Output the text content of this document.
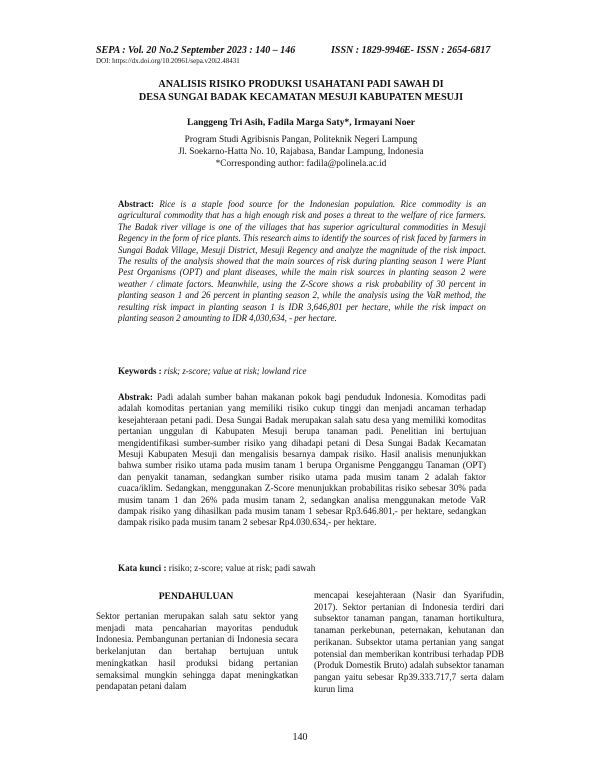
SEPA : Vol. 20 No.2 September 2023 : 140 – 146	ISSN : 1829-9946 E- ISSN : 2654-6817
DOI: https://dx.doi.org/10.20961/sepa.v20i2.48431
ANALISIS RISIKO PRODUKSI USAHATANI PADI SAWAH DI
DESA SUNGAI BADAK KECAMATAN MESUJI KABUPATEN MESUJI
Langgeng Tri Asih, Fadila Marga Saty*, Irmayani Noer
Program Studi Agribisnis Pangan, Politeknik Negeri Lampung
Jl. Soekarno-Hatta No. 10, Rajabasa, Bandar Lampung, Indonesia
*Corresponding author: fadila@polinela.ac.id
Abstract: Rice is a staple food source for the Indonesian population. Rice commodity is an agricultural commodity that has a high enough risk and poses a threat to the welfare of rice farmers. The Badak river village is one of the villages that has superior agricultural commodities in Mesuji Regency in the form of rice plants. This research aims to identify the sources of risk faced by farmers in Sungai Badak Village, Mesuji District, Mesuji Regency and analyze the magnitude of the risk impact. The results of the analysis showed that the main sources of risk during planting season 1 were Plant Pest Organisms (OPT) and plant diseases, while the main risk sources in planting season 2 were weather / climate factors. Meanwhile, using the Z-Score shows a risk probability of 30 percent in planting season 1 and 26 percent in planting season 2, while the analysis using the VaR method, the resulting risk impact in planting season 1 is IDR 3,646,801 per hectare, while the risk impact on planting season 2 amounting to IDR 4,030,634, - per hectare.
Keywords : risk; z-score; value at risk; lowland rice
Abstrak: Padi adalah sumber bahan makanan pokok bagi penduduk Indonesia. Komoditas padi adalah komoditas pertanian yang memiliki risiko cukup tinggi dan menjadi ancaman terhadap kesejahteraan petani padi. Desa Sungai Badak merupakan salah satu desa yang memiliki komoditas pertanian unggulan di Kabupaten Mesuji berupa tanaman padi. Penelitian ini bertujuan mengidentifikasi sumber-sumber risiko yang dihadapi petani di Desa Sungai Badak Kecamatan Mesuji Kabupaten Mesuji dan mengalisis besarnya dampak risiko. Hasil analisis menunjukkan bahwa sumber risiko utama pada musim tanam 1 berupa Organisme Pengganggu Tanaman (OPT) dan penyakit tanaman, sedangkan sumber risiko utama pada musim tanam 2 adalah faktor cuaca/iklim. Sedangkan, menggunakan Z-Score menunjukkan probabilitas risiko sebesar 30% pada musim tanam 1 dan 26% pada musim tanam 2, sedangkan analisa menggunakan metode VaR dampak risiko yang dihasilkan pada musim tanam 1 sebesar Rp3.646.801,- per hektare, sedangkan dampak risiko pada musim tanam 2 sebesar Rp4.030.634,- per hektare.
Kata kunci : risiko; z-score; value at risk; padi sawah
PENDAHULUAN
Sektor pertanian merupakan salah satu sektor yang menjadi mata pencaharian mayoritas penduduk Indonesia. Pembangunan pertanian di Indonesia secara berkelanjutan dan bertahap bertujuan untuk meningkatkan hasil produksi bidang pertanian semaksimal mungkin sehingga dapat meningkatkan pendapatan petani dalam
mencapai kesejahteraan (Nasir dan Syarifudin, 2017). Sektor pertanian di Indonesia terdiri dari subsektor tanaman pangan, tanaman hortikultura, tanaman perkebunan, peternakan, kehutanan dan perikanan. Subsektor utama pertanian yang sangat potensial dan memberikan kontribusi terhadap PDB (Produk Domestik Bruto) adalah subsektor tanaman pangan yaitu sebesar Rp39.333.717,7 serta dalam kurun lima
140
